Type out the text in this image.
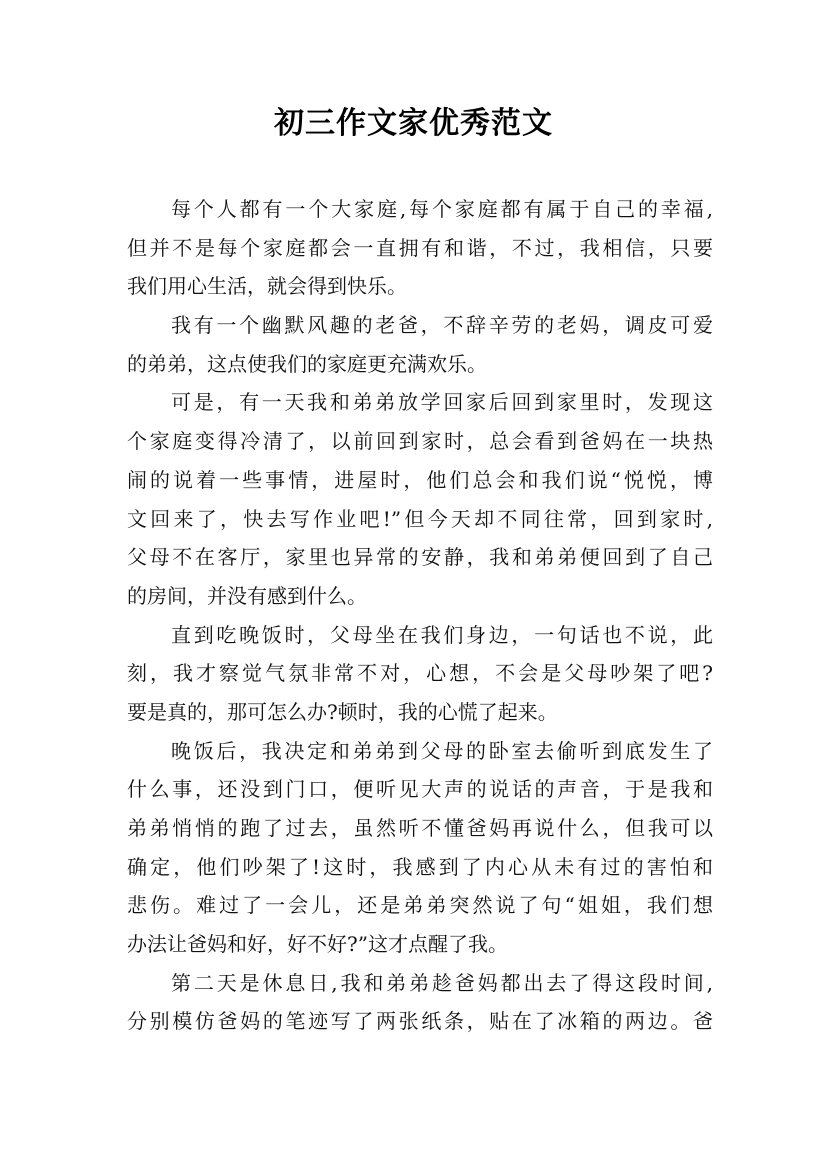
初三作文家优秀范文
每个人都有一个大家庭,每个家庭都有属于自己的幸福,
但并不是每个家庭都会一直拥有和谐，不过，我相信，只要
我们用心生活，就会得到快乐。
我有一个幽默风趣的老爸，不辞辛劳的老妈，调皮可爱
的弟弟，这点使我们的家庭更充满欢乐。
可是，有一天我和弟弟放学回家后回到家里时，发现这
个家庭变得冷清了，以前回到家时，总会看到爸妈在一块热
闹的说着一些事情，进屋时，他们总会和我们说“悦悦，博
文回来了，快去写作业吧!”但今天却不同往常，回到家时,
父母不在客厅，家里也异常的安静，我和弟弟便回到了自己
的房间，并没有感到什么。
直到吃晚饭时，父母坐在我们身边，一句话也不说，此
刻，我才察觉气氛非常不对，心想，不会是父母吵架了吧?
要是真的，那可怎么办?顿时，我的心慌了起来。
晚饭后，我决定和弟弟到父母的卧室去偷听到底发生了
什么事，还没到门口，便听见大声的说话的声音，于是我和
弟弟悄悄的跑了过去，虽然听不懂爸妈再说什么，但我可以
确定，他们吵架了!这时，我感到了内心从未有过的害怕和
悲伤。难过了一会儿，还是弟弟突然说了句“姐姐，我们想
办法让爸妈和好，好不好?”这才点醒了我。
第二天是休息日,我和弟弟趁爸妈都出去了得这段时间,
分别模仿爸妈的笔迹写了两张纸条，贴在了冰箱的两边。爸
